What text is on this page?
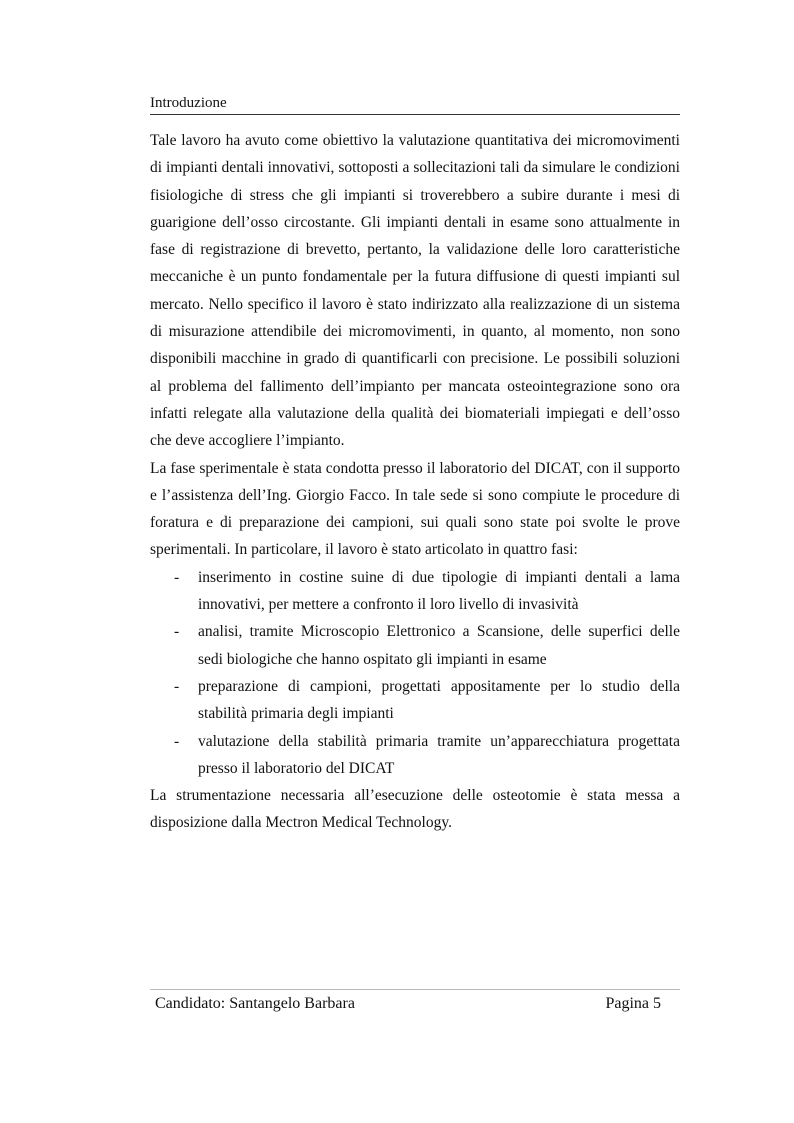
Introduzione

Tale lavoro ha avuto come obiettivo la valutazione quantitativa dei micromovimenti di impianti dentali innovativi, sottoposti a sollecitazioni tali da simulare le condizioni fisiologiche di stress che gli impianti si troverebbero a subire durante i mesi di guarigione dell’osso circostante. Gli impianti dentali in esame sono attualmente in fase di registrazione di brevetto, pertanto, la validazione delle loro caratteristiche meccaniche è un punto fondamentale per la futura diffusione di questi impianti sul mercato. Nello specifico il lavoro è stato indirizzato alla realizzazione di un sistema di misurazione attendibile dei micromovimenti, in quanto, al momento, non sono disponibili macchine in grado di quantificarli con precisione. Le possibili soluzioni al problema del fallimento dell’impianto per mancata osteointegrazione sono ora infatti relegate alla valutazione della qualità dei biomateriali impiegati e dell’osso che deve accogliere l’impianto.

La fase sperimentale è stata condotta presso il laboratorio del DICAT, con il supporto e l’assistenza dell’Ing. Giorgio Facco. In tale sede si sono compiute le procedure di foratura e di preparazione dei campioni, sui quali sono state poi svolte le prove sperimentali. In particolare, il lavoro è stato articolato in quattro fasi:

- inserimento in costine suine di due tipologie di impianti dentali a lama innovativi, per mettere a confronto il loro livello di invasività
- analisi, tramite Microscopio Elettronico a Scansione, delle superfici delle sedi biologiche che hanno ospitato gli impianti in esame
- preparazione di campioni, progettati appositamente per lo studio della stabilità primaria degli impianti
- valutazione della stabilità primaria tramite un’apparecchiatura progettata presso il laboratorio del DICAT

La strumentazione necessaria all’esecuzione delle osteotomie è stata messa a disposizione dalla Mectron Medical Technology.

Candidato: Santangelo Barbara	Pagina 5
